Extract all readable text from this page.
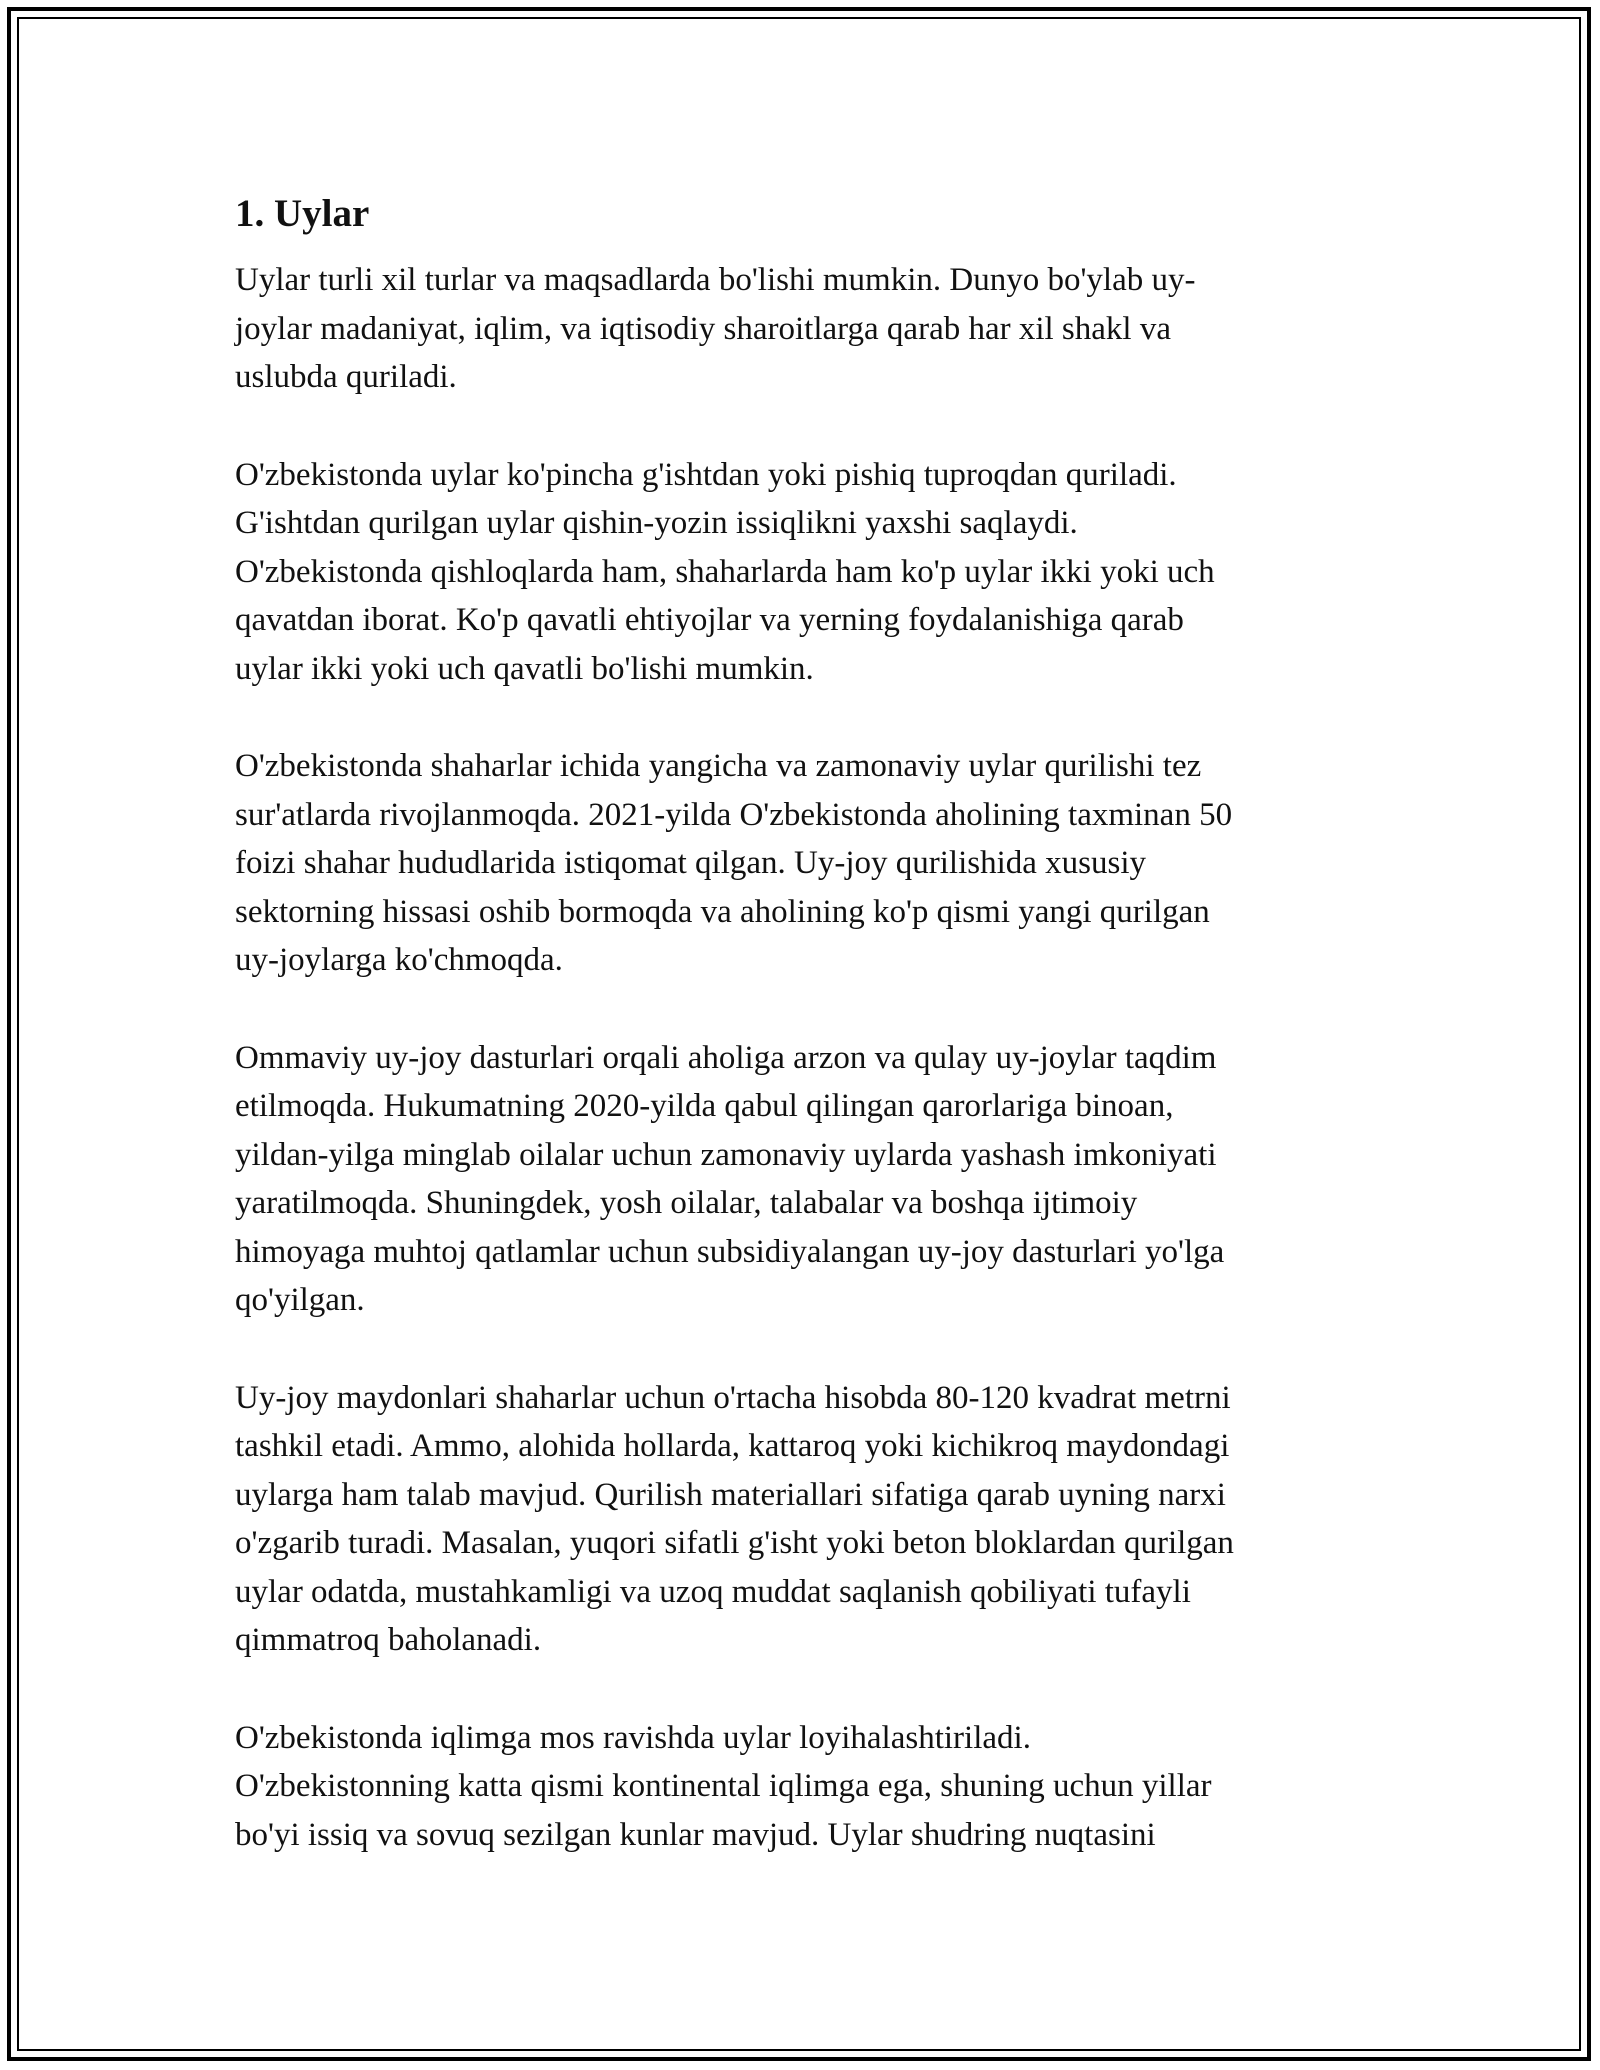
1. Uylar

Uylar turli xil turlar va maqsadlarda bo'lishi mumkin. Dunyo bo'ylab uy-
joylar madaniyat, iqlim, va iqtisodiy sharoitlarga qarab har xil shakl va
uslubda quriladi.

O'zbekistonda uylar ko'pincha g'ishtdan yoki pishiq tuproqdan quriladi.
G'ishtdan qurilgan uylar qishin-yozin issiqlikni yaxshi saqlaydi.
O'zbekistonda qishloqlarda ham, shaharlarda ham ko'p uylar ikki yoki uch
qavatdan iborat. Ko'p qavatli ehtiyojlar va yerning foydalanishiga qarab
uylar ikki yoki uch qavatli bo'lishi mumkin.

O'zbekistonda shaharlar ichida yangicha va zamonaviy uylar qurilishi tez
sur'atlarda rivojlanmoqda. 2021-yilda O'zbekistonda aholining taxminan 50
foizi shahar hududlarida istiqomat qilgan. Uy-joy qurilishida xususiy
sektorning hissasi oshib bormoqda va aholining ko'p qismi yangi qurilgan
uy-joylarga ko'chmoqda.

Ommaviy uy-joy dasturlari orqali aholiga arzon va qulay uy-joylar taqdim
etilmoqda. Hukumatning 2020-yilda qabul qilingan qarorlariga binoan,
yildan-yilga minglab oilalar uchun zamonaviy uylarda yashash imkoniyati
yaratilmoqda. Shuningdek, yosh oilalar, talabalar va boshqa ijtimoiy
himoyaga muhtoj qatlamlar uchun subsidiyalangan uy-joy dasturlari yo'lga
qo'yilgan.

Uy-joy maydonlari shaharlar uchun o'rtacha hisobda 80-120 kvadrat metrni
tashkil etadi. Ammo, alohida hollarda, kattaroq yoki kichikroq maydondagi
uylarga ham talab mavjud. Qurilish materiallari sifatiga qarab uyning narxi
o'zgarib turadi. Masalan, yuqori sifatli g'isht yoki beton bloklardan qurilgan
uylar odatda, mustahkamligi va uzoq muddat saqlanish qobiliyati tufayli
qimmatroq baholanadi.

O'zbekistonda iqlimga mos ravishda uylar loyihalashtiriladi.
O'zbekistonning katta qismi kontinental iqlimga ega, shuning uchun yillar
bo'yi issiq va sovuq sezilgan kunlar mavjud. Uylar shudring nuqtasini
